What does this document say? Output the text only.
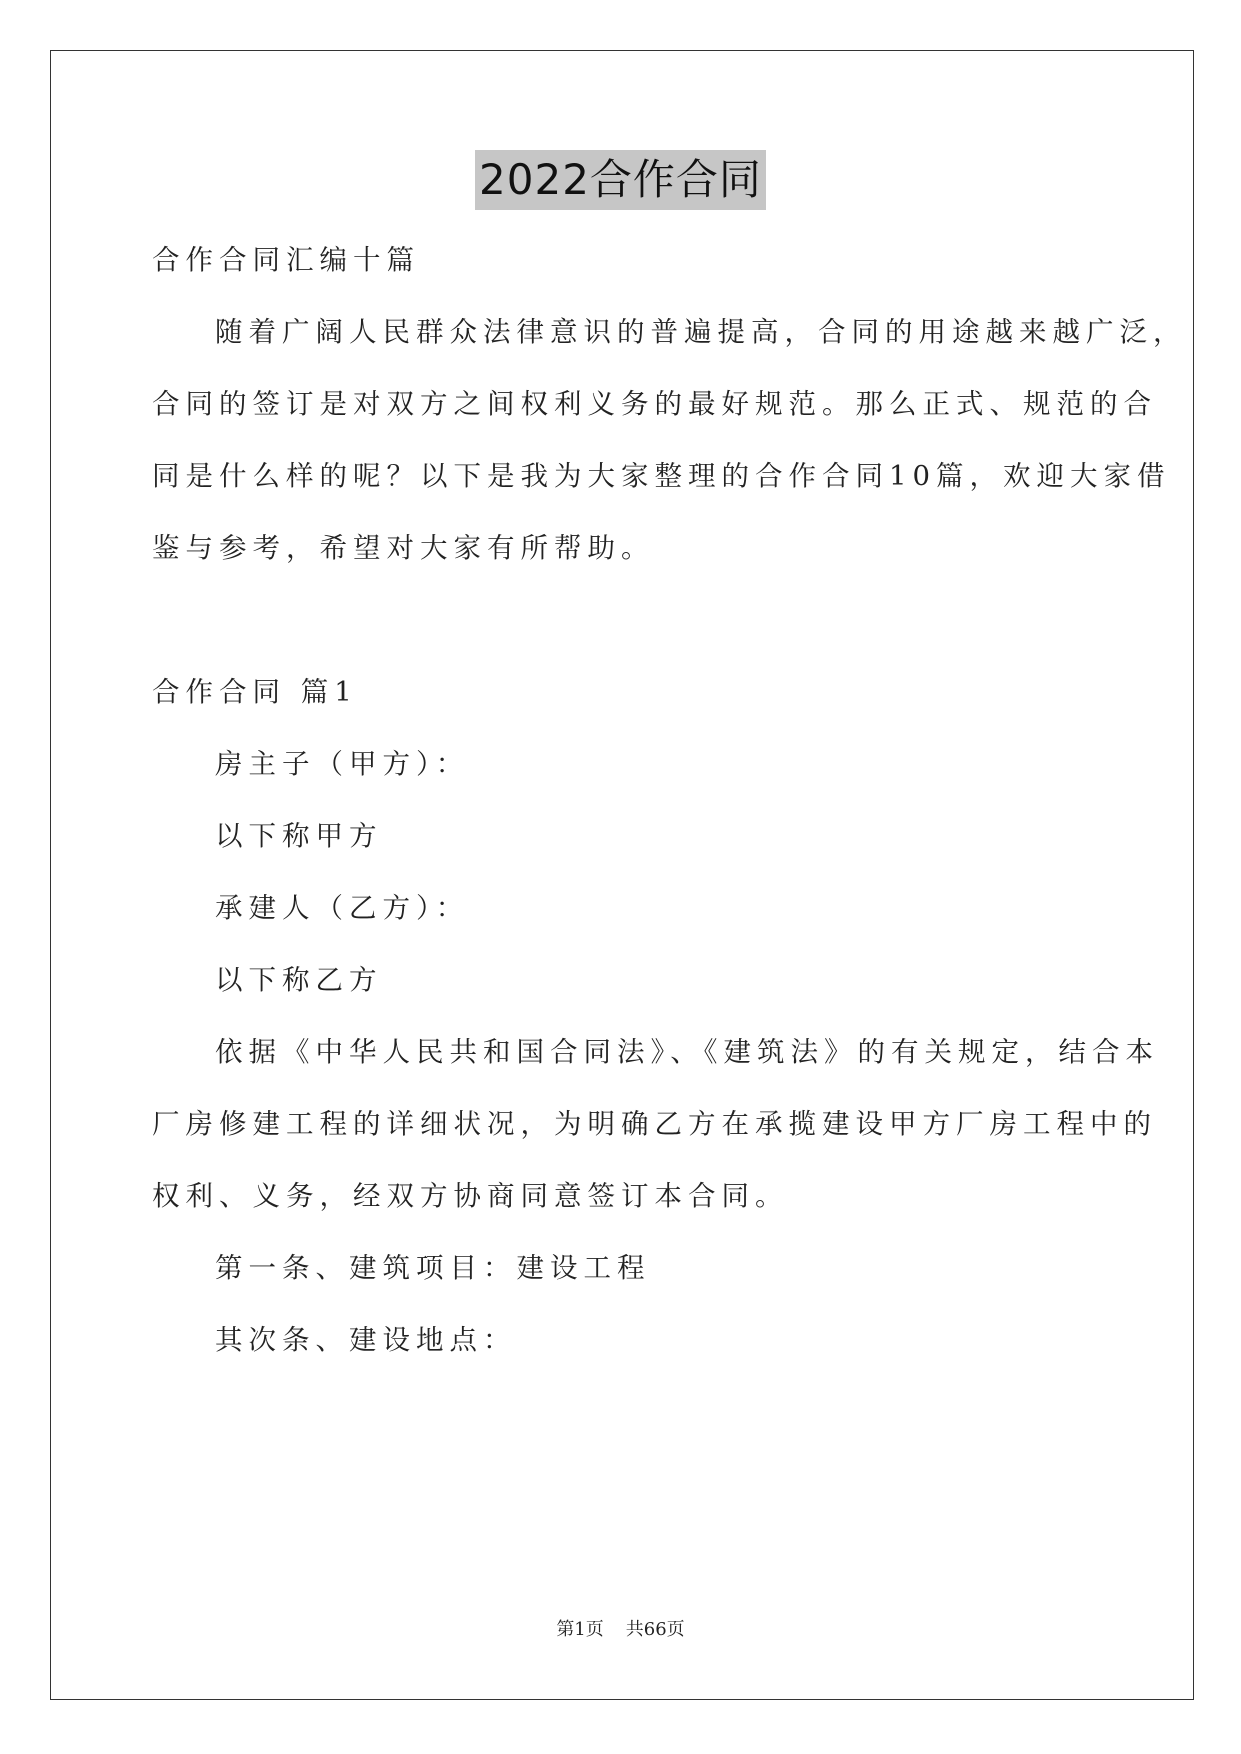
2022合作合同
合作合同汇编十篇
随着广阔人民群众法律意识的普遍提高，合同的用途越来越广泛，
合同的签订是对双方之间权利义务的最好规范。那么正式、规范的合
同是什么样的呢？以下是我为大家整理的合作合同10篇，欢迎大家借
鉴与参考，希望对大家有所帮助。
合作合同 篇1
房主子（甲方）：
以下称甲方
承建人（乙方）：
以下称乙方
依据《中华人民共和国合同法》、《建筑法》的有关规定，结合本
厂房修建工程的详细状况，为明确乙方在承揽建设甲方厂房工程中的
权利、义务，经双方协商同意签订本合同。
第一条、建筑项目：建设工程
其次条、建设地点：
第1页 共66页
